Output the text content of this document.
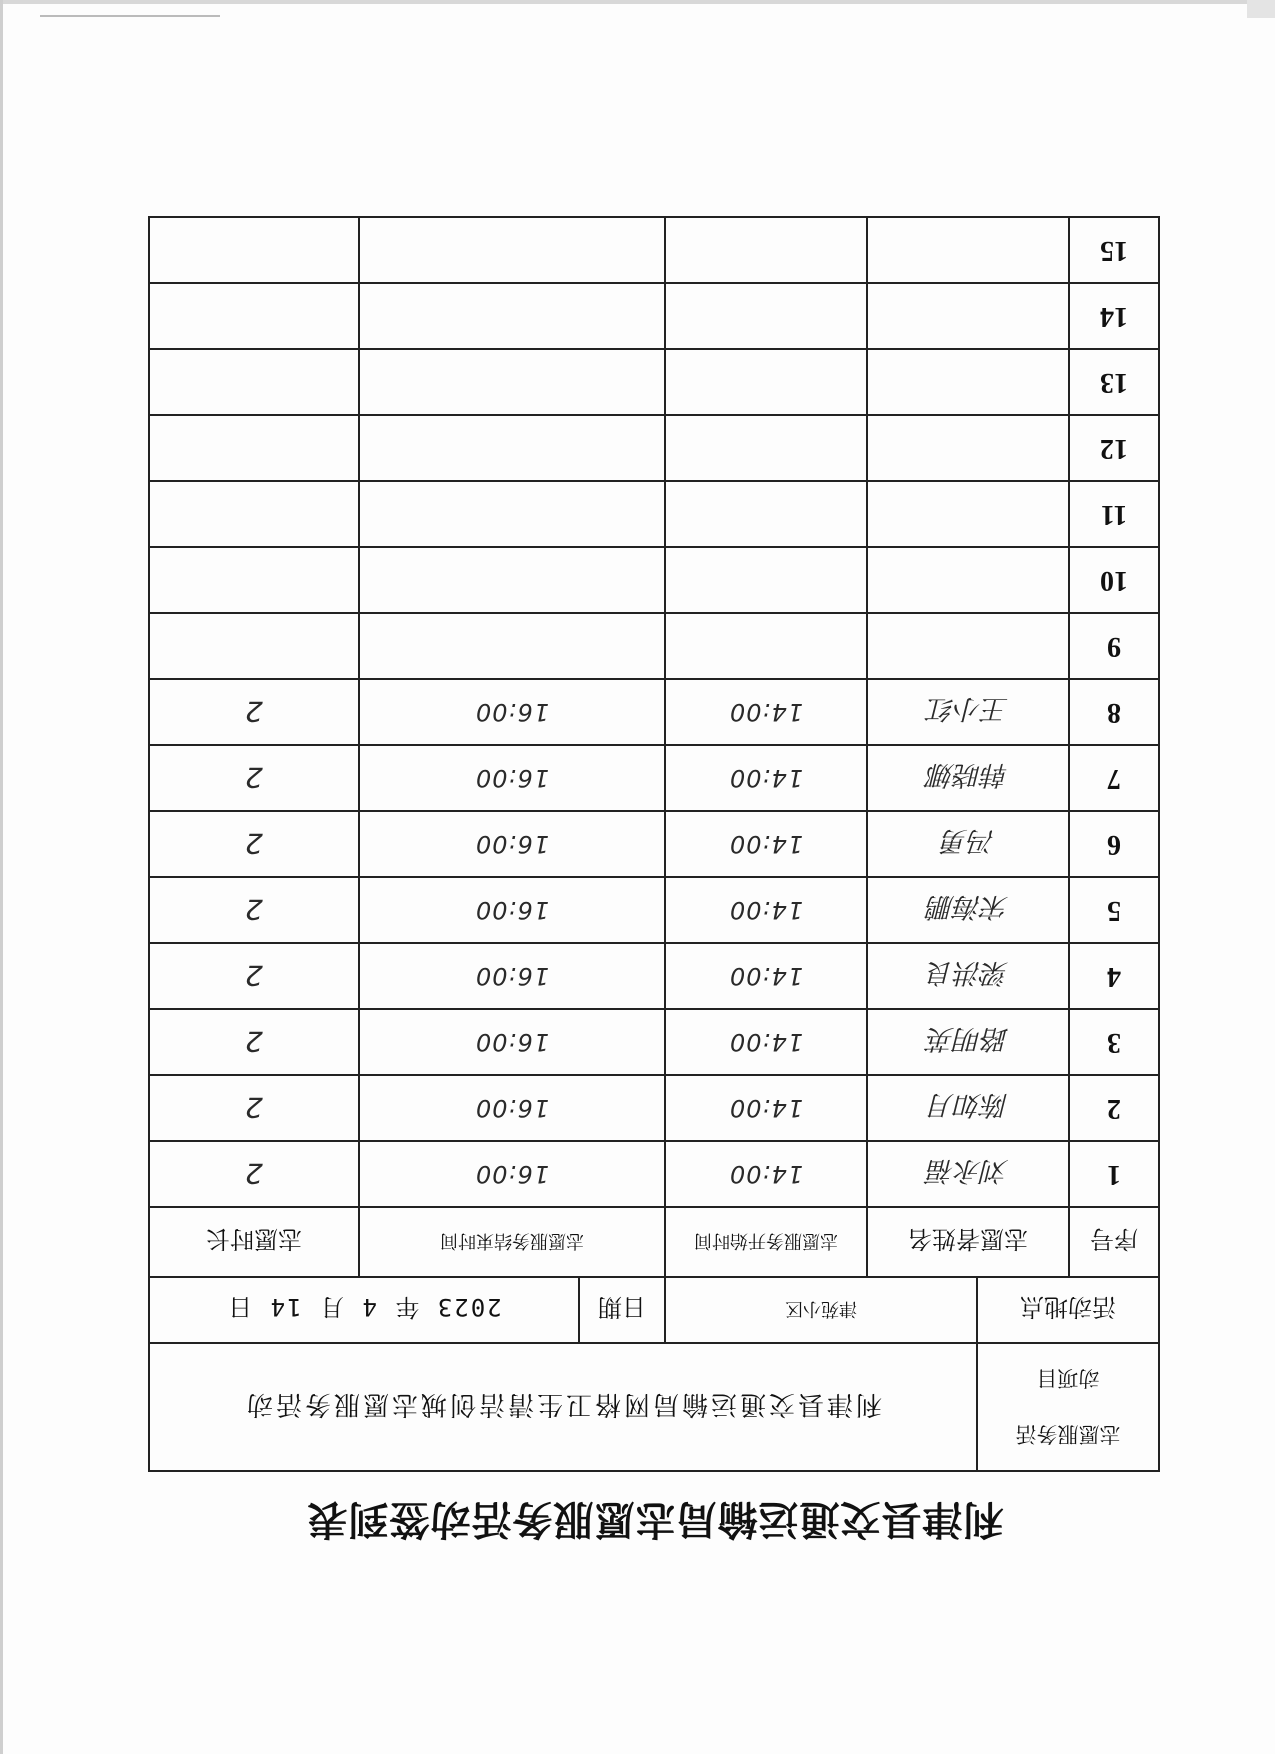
利津县交通运输局志愿服务活动签到表
志愿服务活
动项目		利津县交通运输局网格卫生清洁创城志愿服务活动				
活动地点		津苑小区		日期	2023 年 4 月 14 日	
序号	志愿者姓名		志愿服务开始时间	志愿服务结束时间		志愿时长
1	刘永福		14:00	16:00		2
2	陈如月		14:00	16:00		2
3	路明英		14:00	16:00		2
4	梁洪良		14:00	16:00		2
5	宋海鹏		14:00	16:00		2
6	冯勇		14:00	16:00		2
7	韩晓娜		14:00	16:00		2
8	王小红		14:00	16:00		2
9						
10						
11						
12						
13						
14						
15						
